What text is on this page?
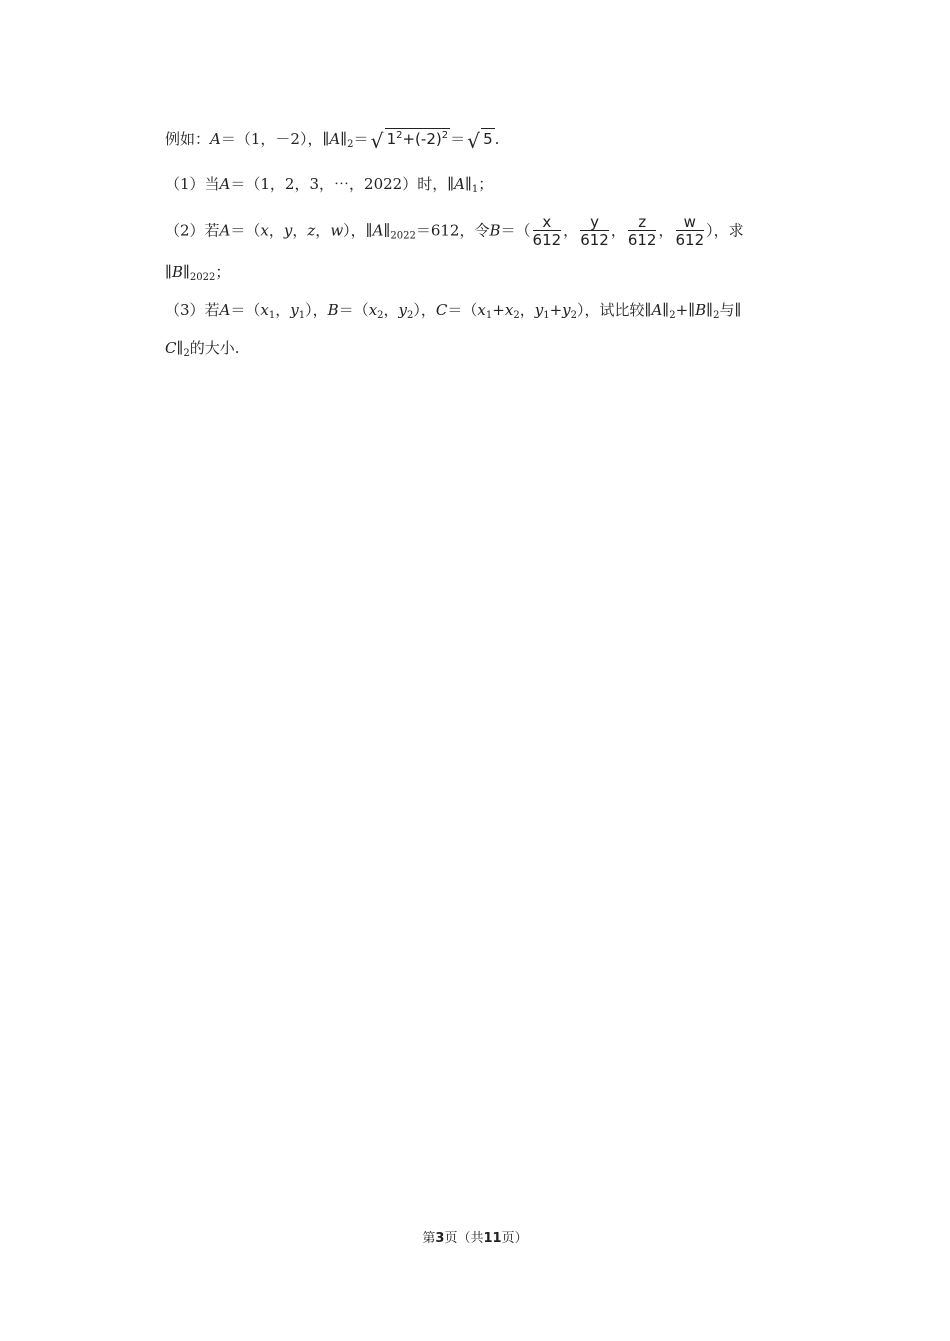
例如：A＝（1，－2），$\parallel A\parallel_2=$ √ $1^2+(-2)^2$ ＝ √ 5 .
（1）当A＝（1，2，3，⋯，2022）时，$\parallel A\parallel_1$；
（2）若A＝（x，y，z，w），$\parallel A\parallel_{2022}=612$，令$B=( \frac{x}{612}$ ， $\frac{y}{612}$ ， $\frac{z}{612}$ ， $\frac{w}{612}$ ），求
$\parallel B\parallel_{2022}$；
（3）若$A=(x_1$，$y_1$），$B=(x_2$，$y_2$），$C=(x_1+x_2$，$y_1+y_2$），试比较$\parallel A\parallel_2+\parallel B\parallel_2$与∥
$C\parallel_2$的大小.
第3页（共11页）
